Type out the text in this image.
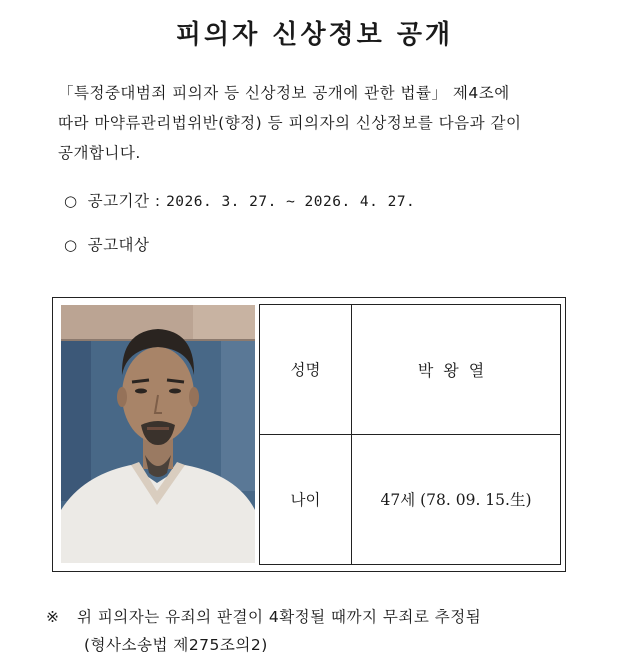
피의자 신상정보 공개
「특정중대범죄 피의자 등 신상정보 공개에 관한 법률」 제4조에
따라 마약류관리법위반(향정) 등 피의자의 신상정보를 다음과 같이
공개합니다.
○ 공고기간 : 2026. 3. 27. ~ 2026. 4. 27.
○ 공고대상
성명	박왕열
나이	47세 (78. 09. 15.生)
※ 위 피의자는 유죄의 판결이 4확정될 때까지 무죄로 추정됨
(형사소송법 제275조의2)
